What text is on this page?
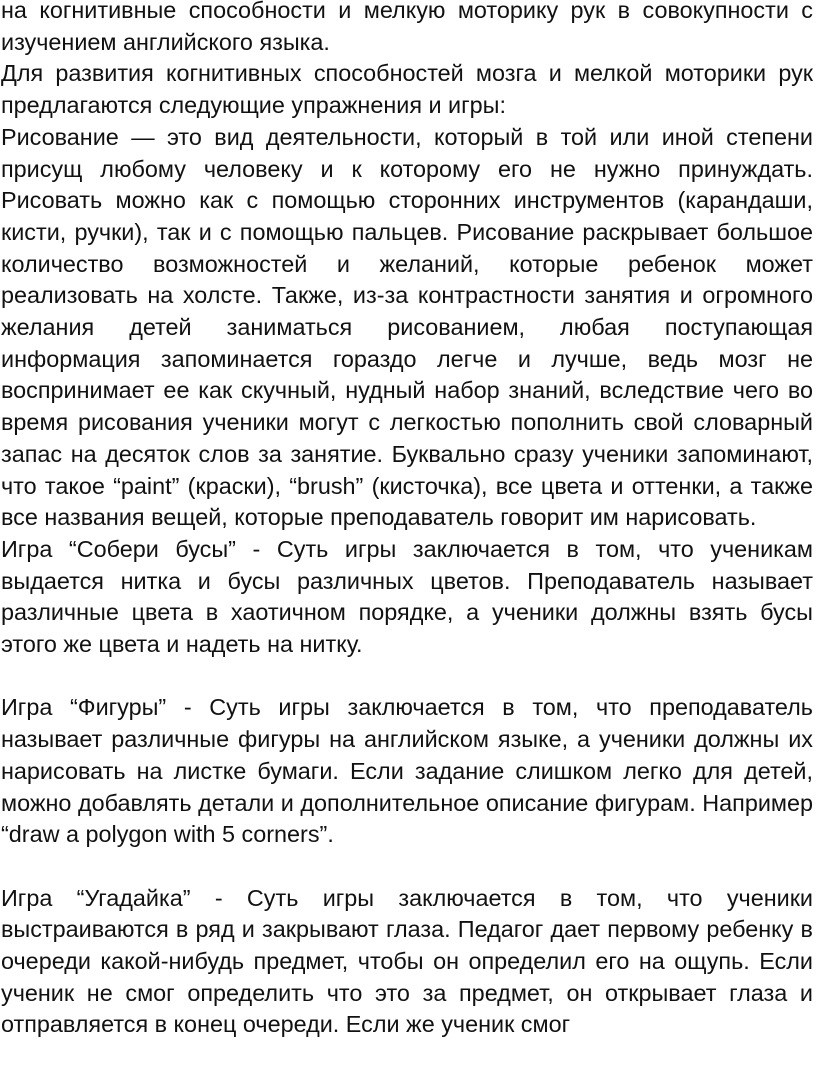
на когнитивные способности и мелкую моторику рук в совокупности с изучением английского языка.

Для развития когнитивных способностей мозга и мелкой моторики рук предлагаются следующие упражнения и игры:

Рисование — это вид деятельности, который в той или иной степени присущ любому человеку и к которому его не нужно принуждать. Рисовать можно как с помощью сторонних инструментов (карандаши, кисти, ручки), так и с помощью пальцев. Рисование раскрывает большое количество возможностей и желаний, которые ребенок может реализовать на холсте. Также, из-за контрастности занятия и огромного желания детей заниматься рисованием, любая поступающая информация запоминается гораздо легче и лучше, ведь мозг не воспринимает ее как скучный, нудный набор знаний, вследствие чего во время рисования ученики могут с легкостью пополнить свой словарный запас на десяток слов за занятие. Буквально сразу ученики запоминают, что такое “paint” (краски), “brush” (кисточка), все цвета и оттенки, а также все названия вещей, которые преподаватель говорит им нарисовать.

Игра “Собери бусы” - Суть игры заключается в том, что ученикам выдается нитка и бусы различных цветов. Преподаватель называет различные цвета в хаотичном порядке, а ученики должны взять бусы этого же цвета и надеть на нитку.

Игра “Фигуры” - Суть игры заключается в том, что преподаватель называет различные фигуры на английском языке, а ученики должны их нарисовать на листке бумаги. Если задание слишком легко для детей, можно добавлять детали и дополнительное описание фигурам. Например “draw a polygon with 5 corners”.

Игра “Угадайка” - Суть игры заключается в том, что ученики выстраиваются в ряд и закрывают глаза. Педагог дает первому ребенку в очереди какой-нибудь предмет, чтобы он определил его на ощупь. Если ученик не смог определить что это за предмет, он открывает глаза и отправляется в конец очереди. Если же ученик смог
